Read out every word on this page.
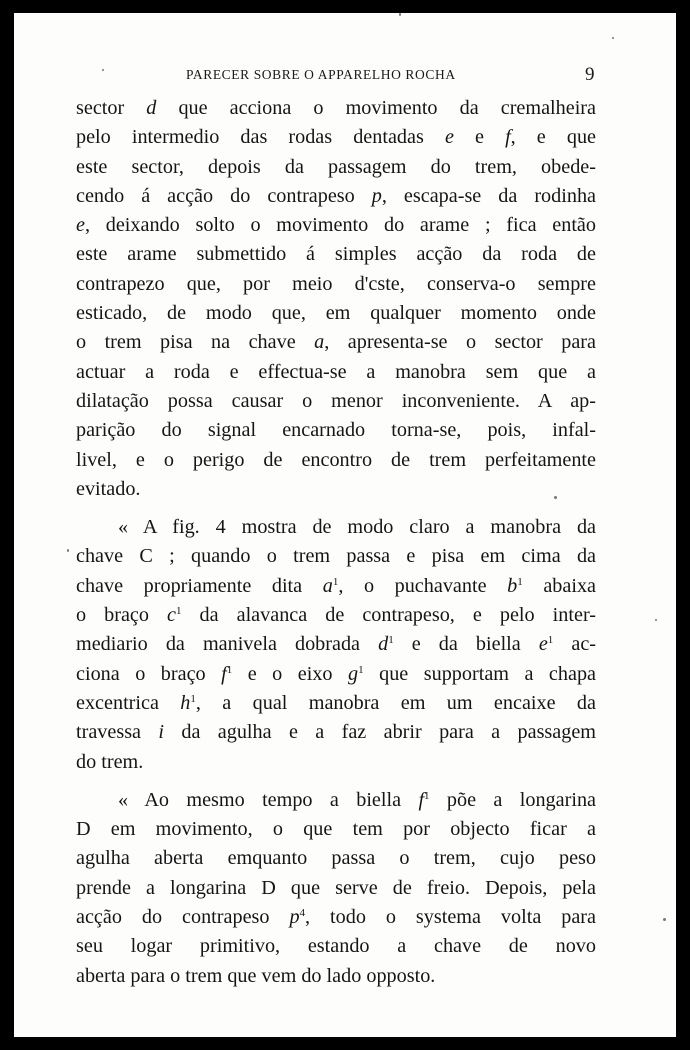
PARECER SOBRE O APPARELHO ROCHA	9
sector d que acciona o movimento da cremalheira
pelo intermedio das rodas dentadas e e f, e que
este sector, depois da passagem do trem, obede-
cendo á acção do contrapeso p, escapa-se da rodinha
e, deixando solto o movimento do arame ; fica então
este arame submettido á simples acção da roda de
contrapezo que, por meio d'cste, conserva-o sempre
esticado, de modo que, em qualquer momento onde
o trem pisa na chave a, apresenta-se o sector para
actuar a roda e effectua-se a manobra sem que a
dilatação possa causar o menor inconveniente. A ap-
parição do signal encarnado torna-se, pois, infal-
livel, e o perigo de encontro de trem perfeitamente
evitado.
« A fig. 4 mostra de modo claro a manobra da
chave C ; quando o trem passa e pisa em cima da
chave propriamente dita $a^1$, o puchavante $b^1$ abaixa
o braço $c^1$ da alavanca de contrapeso, e pelo inter-
mediario da manivela dobrada $d^1$ e da biella $e^1$ ac-
ciona o braço $f^1$ e o eixo $g^1$ que supportam a chapa
excentrica $h^1$, a qual manobra em um encaixe da
travessa i da agulha e a faz abrir para a passagem
do trem.
« Ao mesmo tempo a biella $f^1$ põe a longarina
D em movimento, o que tem por objecto ficar a
agulha aberta emquanto passa o trem, cujo peso
prende a longarina D que serve de freio. Depois, pela
acção do contrapeso $p^4$, todo o systema volta para
seu logar primitivo, estando a chave de novo
aberta para o trem que vem do lado opposto.
